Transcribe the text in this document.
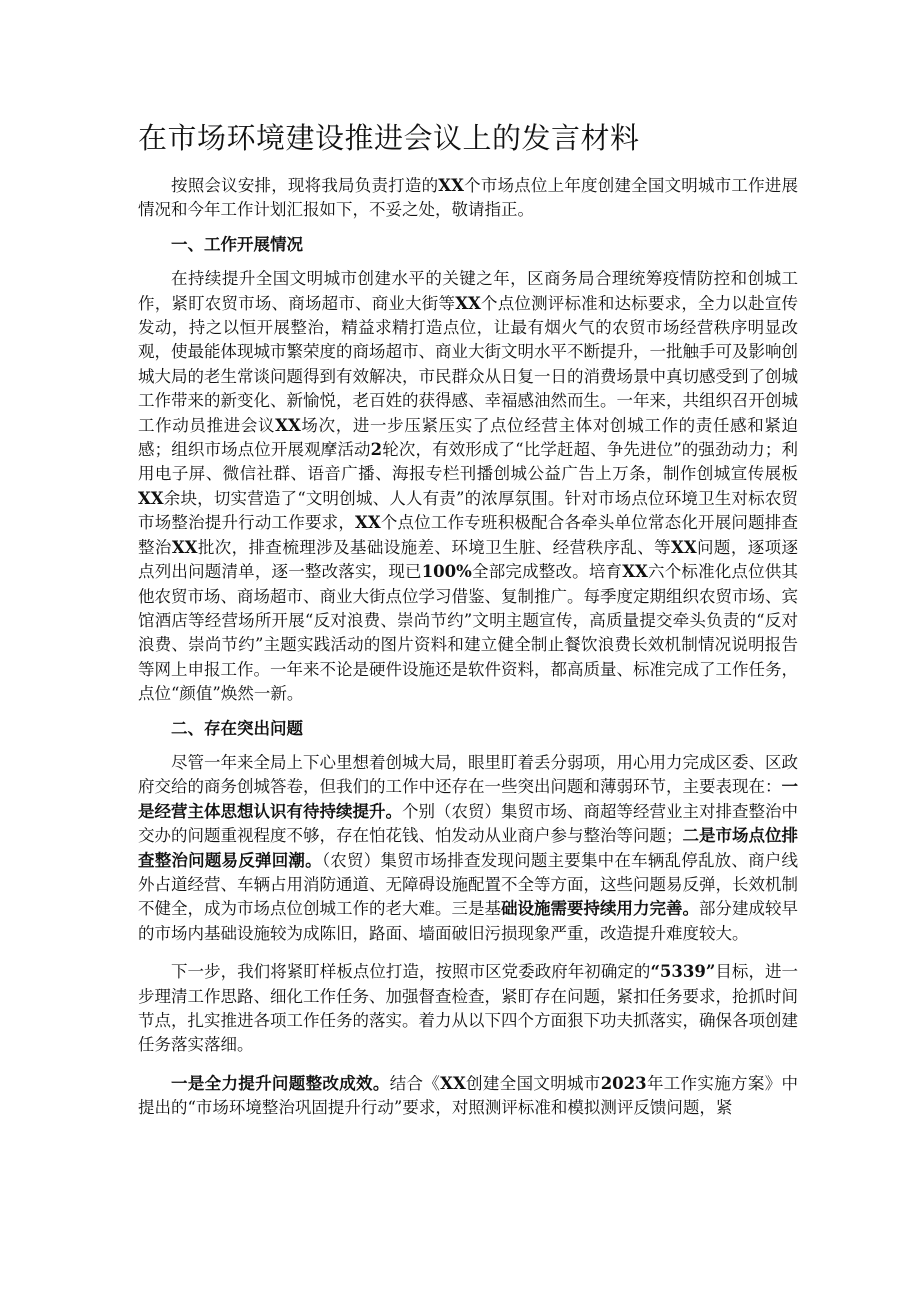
在市场环境建设推进会议上的发言材料

按照会议安排，现将我局负责打造的XX个市场点位上年度创建全国文明城市工作进展情况和今年工作计划汇报如下，不妥之处，敬请指正。

一、工作开展情况

在持续提升全国文明城市创建水平的关键之年，区商务局合理统筹疫情防控和创城工作，紧盯农贸市场、商场超市、商业大街等XX个点位测评标准和达标要求，全力以赴宣传发动，持之以恒开展整治，精益求精打造点位，让最有烟火气的农贸市场经营秩序明显改观，使最能体现城市繁荣度的商场超市、商业大街文明水平不断提升，一批触手可及影响创城大局的老生常谈问题得到有效解决，市民群众从日复一日的消费场景中真切感受到了创城工作带来的新变化、新愉悦，老百姓的获得感、幸福感油然而生。一年来，共组织召开创城工作动员推进会议XX场次，进一步压紧压实了点位经营主体对创城工作的责任感和紧迫感；组织市场点位开展观摩活动2轮次，有效形成了“比学赶超、争先进位”的强劲动力；利用电子屏、微信社群、语音广播、海报专栏刊播创城公益广告上万条，制作创城宣传展板XX余块，切实营造了“文明创城、人人有责”的浓厚氛围。针对市场点位环境卫生对标农贸市场整治提升行动工作要求，XX个点位工作专班积极配合各牵头单位常态化开展问题排查整治XX批次，排查梳理涉及基础设施差、环境卫生脏、经营秩序乱、等XX问题，逐项逐点列出问题清单，逐一整改落实，现已100%全部完成整改。培育XX六个标准化点位供其他农贸市场、商场超市、商业大街点位学习借鉴、复制推广。每季度定期组织农贸市场、宾馆酒店等经营场所开展“反对浪费、崇尚节约”文明主题宣传，高质量提交牵头负责的“反对浪费、崇尚节约”主题实践活动的图片资料和建立健全制止餐饮浪费长效机制情况说明报告等网上申报工作。一年来不论是硬件设施还是软件资料，都高质量、标准完成了工作任务，点位“颜值”焕然一新。

二、存在突出问题

尽管一年来全局上下心里想着创城大局，眼里盯着丢分弱项，用心用力完成区委、区政府交给的商务创城答卷，但我们的工作中还存在一些突出问题和薄弱环节，主要表现在：一是经营主体思想认识有待持续提升。个别（农贸）集贸市场、商超等经营业主对排查整治中交办的问题重视程度不够，存在怕花钱、怕发动从业商户参与整治等问题；二是市场点位排查整治问题易反弹回潮。（农贸）集贸市场排查发现问题主要集中在车辆乱停乱放、商户线外占道经营、车辆占用消防通道、无障碍设施配置不全等方面，这些问题易反弹，长效机制不健全，成为市场点位创城工作的老大难。三是基础设施需要持续用力完善。部分建成较早的市场内基础设施较为成陈旧，路面、墙面破旧污损现象严重，改造提升难度较大。

下一步，我们将紧盯样板点位打造，按照市区党委政府年初确定的“5339”目标，进一步理清工作思路、细化工作任务、加强督查检查，紧盯存在问题，紧扣任务要求，抢抓时间节点，扎实推进各项工作任务的落实。着力从以下四个方面狠下功夫抓落实，确保各项创建任务落实落细。

一是全力提升问题整改成效。结合《XX创建全国文明城市2023年工作实施方案》中提出的“市场环境整治巩固提升行动”要求，对照测评标准和模拟测评反馈问题，紧
